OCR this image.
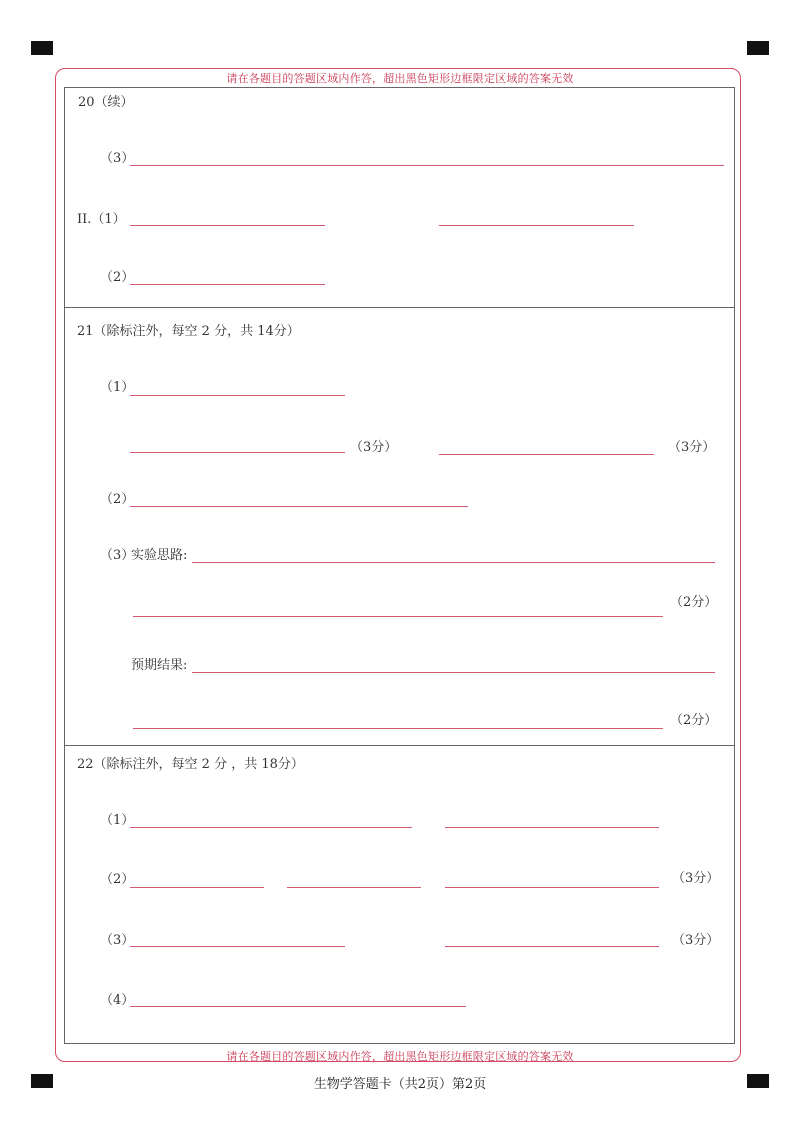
请在各题目的答题区域内作答，超出黑色矩形边框限定区域的答案无效
请在各题目的答题区域内作答，超出黑色矩形边框限定区域的答案无效
20（续）
（3）
II.（1）
（2）
21（除标注外，每空 2 分，共 14分）
（1）
（3分）	（3分）
（2）
（3）
实验思路:
（2分）
预期结果:
（2分）
22（除标注外，每空 2 分 ，共 18分）
（1）
（2）	（3分）
（3）	（3分）
（4）
生物学答题卡（共2页）第2页
